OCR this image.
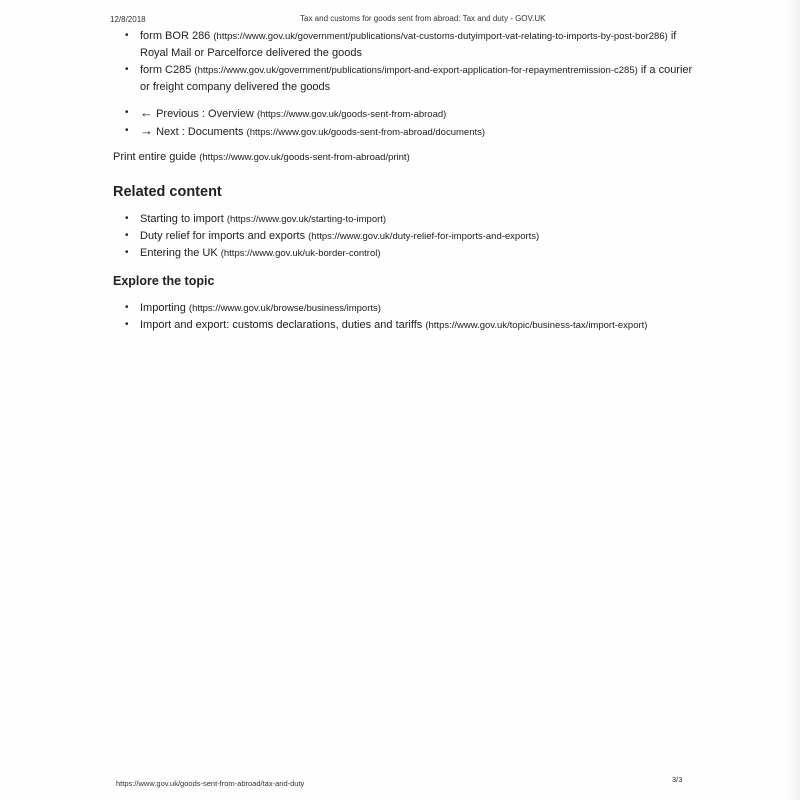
12/8/2018	Tax and customs for goods sent from abroad: Tax and duty - GOV.UK
• form BOR 286 (https://www.gov.uk/government/publications/vat-customs-dutyimport-vat-relating-to-imports-by-post-bor286) if Royal Mail or Parcelforce delivered the goods
• form C285 (https://www.gov.uk/government/publications/import-and-export-application-for-repaymentremission-c285) if a courier or freight company delivered the goods
• ← Previous : Overview (https://www.gov.uk/goods-sent-from-abroad)
• → Next : Documents (https://www.gov.uk/goods-sent-from-abroad/documents)
Print entire guide (https://www.gov.uk/goods-sent-from-abroad/print)
Related content
• Starting to import (https://www.gov.uk/starting-to-import)
• Duty relief for imports and exports (https://www.gov.uk/duty-relief-for-imports-and-exports)
• Entering the UK (https://www.gov.uk/uk-border-control)
Explore the topic
• Importing (https://www.gov.uk/browse/business/imports)
• Import and export: customs declarations, duties and tariffs (https://www.gov.uk/topic/business-tax/import-export)
https://www.gov.uk/goods-sent-from-abroad/tax-and-duty	3/3
